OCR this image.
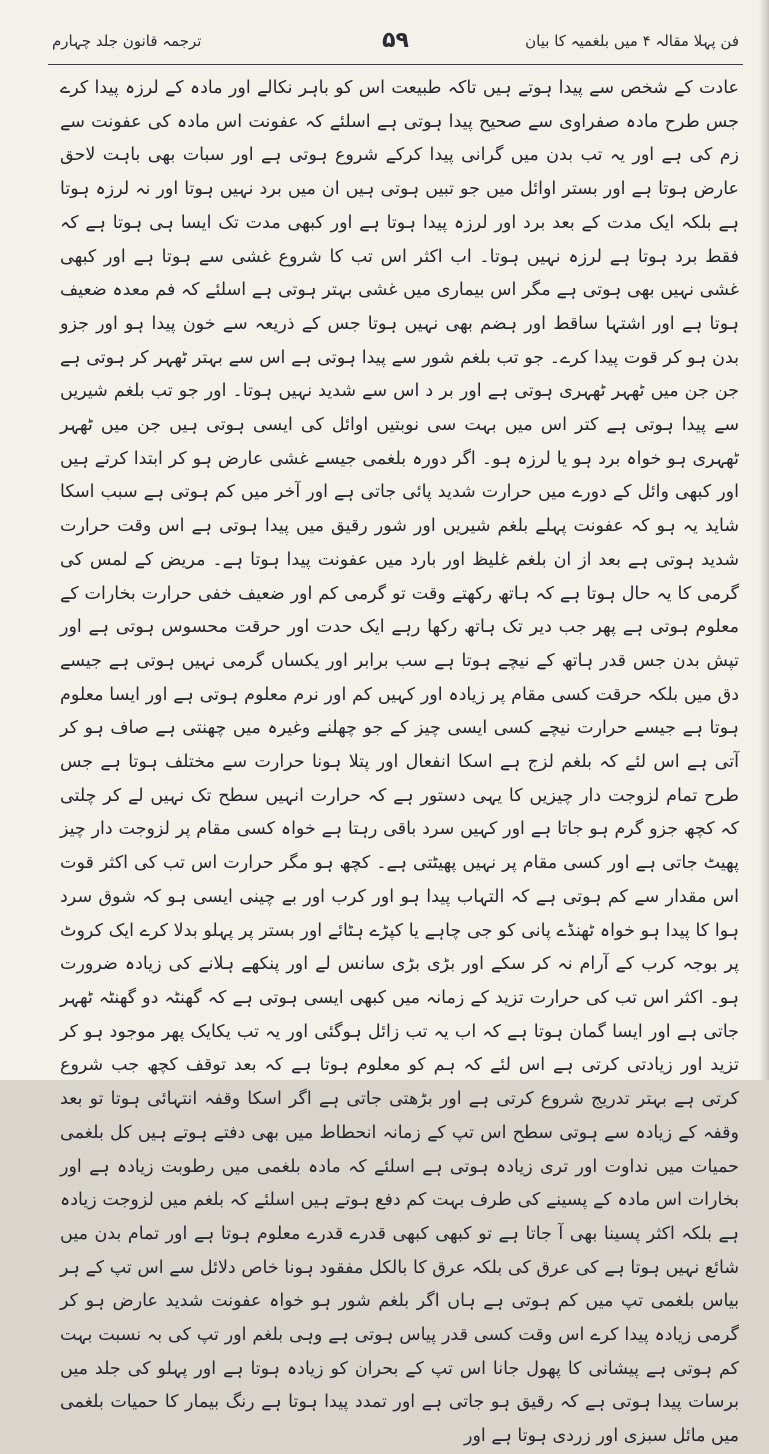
فن پہلا مقالہ ۴ میں بلغمیہ کا بیان
۵۹
ترجمہ قانون جلد چہارم

عادت کے شخص سے پیدا ہوتے ہیں تاکہ طبیعت اس کو باہر نکالے اور مادہ کے لرزہ پیدا کرے جس طرح مادہ صفراوی سے صحیح پیدا ہوتی ہے اسلئے کہ عفونت اس مادہ کی عفونت سے زم کی ہے اور یہ تب بدن میں گرانی پیدا کرکے شروع ہوتی ہے اور سبات بھی باہت لاحق عارض ہوتا ہے اور بستر اوائل میں جو تبیں ہوتی ہیں ان میں برد نہیں ہوتا اور نہ لرزہ ہوتا ہے بلکہ ایک مدت کے بعد برد اور لرزہ پیدا ہوتا ہے اور کبھی مدت تک ایسا ہی ہوتا ہے کہ فقط برد ہوتا ہے لرزہ نہیں ہوتا۔ اب اکثر اس تب کا شروع غشی سے ہوتا ہے اور کبھی غشی نہیں بھی ہوتی ہے مگر اس بیماری میں غشی بہتر ہوتی ہے اسلئے کہ فم معدہ ضعیف ہوتا ہے اور اشتہا ساقط اور ہضم بھی نہیں ہوتا جس کے ذریعہ سے خون پیدا ہو اور جزو بدن ہو کر قوت پیدا کرے۔ جو تب بلغم شور سے پیدا ہوتی ہے اس سے بہتر ٹھہر کر ہوتی ہے جن جن میں ٹھہر ٹھہری ہوتی ہے اور بر د اس سے شدید نہیں ہوتا۔ اور جو تب بلغم شیریں سے پیدا ہوتی ہے کتر اس میں بہت سی نوبتیں اوائل کی ایسی ہوتی ہیں جن میں ٹھہر ٹھہری ہو خواہ برد ہو یا لرزہ ہو۔ اگر دورہ بلغمی جیسے غشی عارض ہو کر ابتدا کرتے ہیں اور کبھی وائل کے دورے میں حرارت شدید پائی جاتی ہے اور آخر میں کم ہوتی ہے سبب اسکا شاید یہ ہو کہ عفونت پہلے بلغم شیریں اور شور رقیق میں پیدا ہوتی ہے اس وقت حرارت شدید ہوتی ہے بعد از ان بلغم غلیظ اور بارد میں عفونت پیدا ہوتا ہے۔ مریض کے لمس کی گرمی کا یہ حال ہوتا ہے کہ ہاتھ رکھتے وقت تو گرمی کم اور ضعیف خفی حرارت بخارات کے معلوم ہوتی ہے پھر جب دیر تک ہاتھ رکھا رہے ایک حدت اور حرقت محسوس ہوتی ہے اور تپش بدن جس قدر ہاتھ کے نیچے ہوتا ہے سب برابر اور یکساں گرمی نہیں ہوتی ہے جیسے دق میں بلکہ حرقت کسی مقام پر زیادہ اور کہیں کم اور نرم معلوم ہوتی ہے اور ایسا معلوم ہوتا ہے جیسے حرارت نیچے کسی ایسی چیز کے جو چھلنے وغیرہ میں چھنتی ہے صاف ہو کر آتی ہے اس لئے کہ بلغم لزج ہے اسکا انفعال اور پتلا ہونا حرارت سے مختلف ہوتا ہے جس طرح تمام لزوجت دار چیزیں کا یہی دستور ہے کہ حرارت انہیں سطح تک نہیں لے کر چلتی کہ کچھ جزو گرم ہو جاتا ہے اور کہیں سرد باقی رہتا ہے خواہ کسی مقام پر لزوجت دار چیز پھیٹ جاتی ہے اور کسی مقام پر نہیں پھیٹتی ہے۔ کچھ ہو مگر حرارت اس تب کی اکثر قوت اس مقدار سے کم ہوتی ہے کہ التہاب پیدا ہو اور کرب اور بے چینی ایسی ہو کہ شوق سرد ہوا کا پیدا ہو خواہ ٹھنڈے پانی کو جی چاہے یا کپڑے ہٹائے اور بستر پر پہلو بدلا کرے ایک کروٹ پر بوجہ کرب کے آرام نہ کر سکے اور بڑی بڑی سانس لے اور پنکھے ہلانے کی زیادہ ضرورت ہو۔ اکثر اس تب کی حرارت تزید کے زمانہ میں کبھی ایسی ہوتی ہے کہ گھنٹہ دو گھنٹہ ٹھہر جاتی ہے اور ایسا گمان ہوتا ہے کہ اب یہ تب زائل ہوگئی اور یہ تب یکایک پھر موجود ہو کر تزید اور زیادتی کرتی ہے اس لئے کہ ہم کو معلوم ہوتا ہے کہ بعد توقف کچھ جب شروع کرتی ہے بہتر تدریج شروع کرتی ہے اور بڑھتی جاتی ہے اگر اسکا وقفہ انتہائی ہوتا تو بعد وقفہ کے زیادہ سے ہوتی سطح اس تپ کے زمانہ انحطاط میں بھی دفتے ہوتے ہیں کل بلغمی حمیات میں نداوت اور تری زیادہ ہوتی ہے اسلئے کہ مادہ بلغمی میں رطوبت زیادہ ہے اور بخارات اس مادہ کے پسینے کی طرف بہت کم دفع ہوتے ہیں اسلئے کہ بلغم میں لزوجت زیادہ ہے بلکہ اکثر پسینا بھی آ جاتا ہے تو کبھی کبھی قدرے قدرے معلوم ہوتا ہے اور تمام بدن میں شائع نہیں ہوتا ہے کی عرق کی بلکہ عرق کا بالکل مفقود ہونا خاص دلائل سے اس تپ کے ہر بیاس بلغمی تپ میں کم ہوتی ہے ہاں اگر بلغم شور ہو خواہ عفونت شدید عارض ہو کر گرمی زیادہ پیدا کرے اس وقت کسی قدر پیاس ہوتی ہے وہی بلغم اور تپ کی بہ نسبت بہت کم ہوتی ہے پیشانی کا پھول جانا اس تپ کے بحران کو زیادہ ہوتا ہے اور پہلو کی جلد میں برسات پیدا ہوتی ہے کہ رقیق ہو جاتی ہے اور تمدد پیدا ہوتا ہے رنگ بیمار کا حمیات بلغمی میں مائل سبزی اور زردی ہوتا ہے اور
